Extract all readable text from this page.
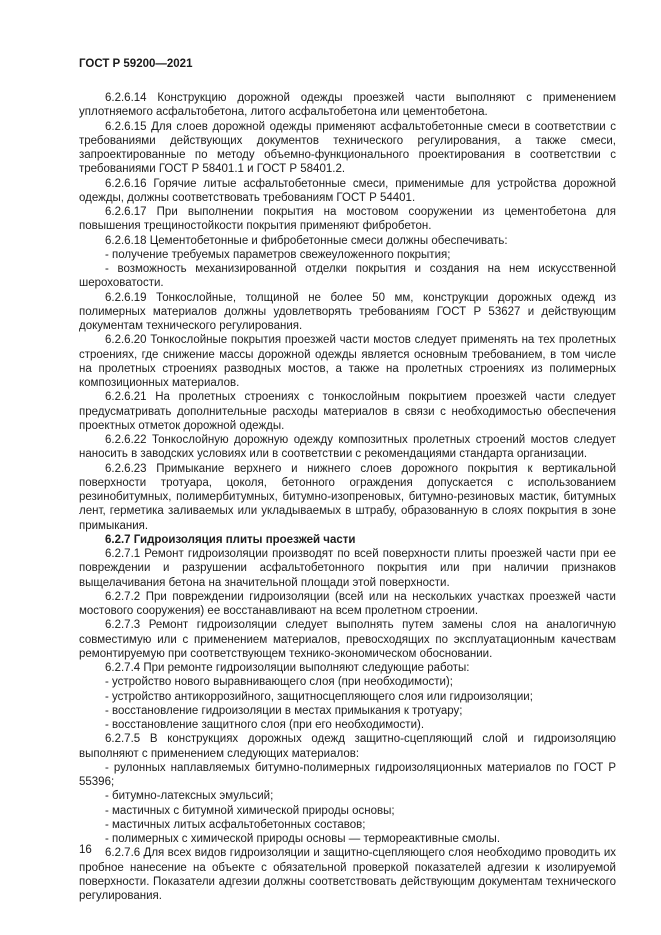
ГОСТ Р 59200—2021

6.2.6.14 Конструкцию дорожной одежды проезжей части выполняют с применением уплотняемого асфальтобетона, литого асфальтобетона или цементобетона.

6.2.6.15 Для слоев дорожной одежды применяют асфальтобетонные смеси в соответствии с требованиями действующих документов технического регулирования, а также смеси, запроектированные по методу объемно-функционального проектирования в соответствии с требованиями ГОСТ Р 58401.1 и ГОСТ Р 58401.2.

6.2.6.16 Горячие литые асфальтобетонные смеси, применимые для устройства дорожной одежды, должны соответствовать требованиям ГОСТ Р 54401.

6.2.6.17 При выполнении покрытия на мостовом сооружении из цементобетона для повышения трещиностойкости покрытия применяют фибробетон.

6.2.6.18 Цементобетонные и фибробетонные смеси должны обеспечивать:

- получение требуемых параметров свежеуложенного покрытия;

- возможность механизированной отделки покрытия и создания на нем искусственной шероховатости.

6.2.6.19 Тонкослойные, толщиной не более 50 мм, конструкции дорожных одежд из полимерных материалов должны удовлетворять требованиям ГОСТ Р 53627 и действующим документам технического регулирования.

6.2.6.20 Тонкослойные покрытия проезжей части мостов следует применять на тех пролетных строениях, где снижение массы дорожной одежды является основным требованием, в том числе на пролетных строениях разводных мостов, а также на пролетных строениях из полимерных композиционных материалов.

6.2.6.21 На пролетных строениях с тонкослойным покрытием проезжей части следует предусматривать дополнительные расходы материалов в связи с необходимостью обеспечения проектных отметок дорожной одежды.

6.2.6.22 Тонкослойную дорожную одежду композитных пролетных строений мостов следует наносить в заводских условиях или в соответствии с рекомендациями стандарта организации.

6.2.6.23 Примыкание верхнего и нижнего слоев дорожного покрытия к вертикальной поверхности тротуара, цоколя, бетонного ограждения допускается с использованием резинобитумных, полимербитумных, битумно-изопреновых, битумно-резиновых мастик, битумных лент, герметика заливаемых или укладываемых в штрабу, образованную в слоях покрытия в зоне примыкания.

6.2.7 Гидроизоляция плиты проезжей части

6.2.7.1 Ремонт гидроизоляции производят по всей поверхности плиты проезжей части при ее повреждении и разрушении асфальтобетонного покрытия или при наличии признаков выщелачивания бетона на значительной площади этой поверхности.

6.2.7.2 При повреждении гидроизоляции (всей или на нескольких участках проезжей части мостового сооружения) ее восстанавливают на всем пролетном строении.

6.2.7.3 Ремонт гидроизоляции следует выполнять путем замены слоя на аналогичную совместимую или с применением материалов, превосходящих по эксплуатационным качествам ремонтируемую при соответствующем технико-экономическом обосновании.

6.2.7.4 При ремонте гидроизоляции выполняют следующие работы:

- устройство нового выравнивающего слоя (при необходимости);

- устройство антикоррозийного, защитносцепляющего слоя или гидроизоляции;

- восстановление гидроизоляции в местах примыкания к тротуару;

- восстановление защитного слоя (при его необходимости).

6.2.7.5 В конструкциях дорожных одежд защитно-сцепляющий слой и гидроизоляцию выполняют с применением следующих материалов:

- рулонных наплавляемых битумно-полимерных гидроизоляционных материалов по ГОСТ Р 55396;

- битумно-латексных эмульсий;

- мастичных с битумной химической природы основы;

- мастичных литых асфальтобетонных составов;

- полимерных с химической природы основы — термореактивные смолы.

6.2.7.6 Для всех видов гидроизоляции и защитно-сцепляющего слоя необходимо проводить их пробное нанесение на объекте с обязательной проверкой показателей адгезии к изолируемой поверхности. Показатели адгезии должны соответствовать действующим документам технического регулирования.

16
